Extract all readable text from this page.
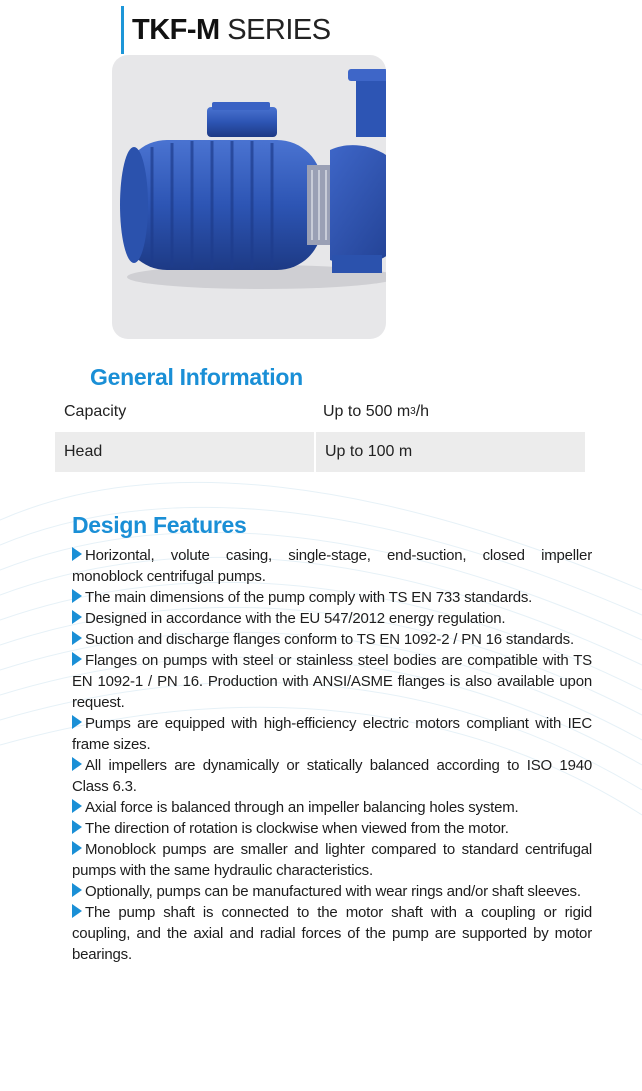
TKF-M SERIES
General Information
Capacity	Up to 500 m 3 /h
Head	Up to 100 m
Design Features
Horizontal, volute casing, single-stage, end-suction, closed impeller monoblock centrifugal pumps.
The main dimensions of the pump comply with TS EN 733 standards.
Designed in accordance with the EU 547/2012 energy regulation.
Suction and discharge flanges conform to TS EN 1092-2 / PN 16 standards.
Flanges on pumps with steel or stainless steel bodies are compatible with TS EN 1092-1 / PN 16. Production with ANSI/ASME flanges is also available upon request.
Pumps are equipped with high-efficiency electric motors compliant with IEC frame sizes.
All impellers are dynamically or statically balanced according to ISO 1940 Class 6.3.
Axial force is balanced through an impeller balancing holes system.
The direction of rotation is clockwise when viewed from the motor.
Monoblock pumps are smaller and lighter compared to standard centrifugal pumps with the same hydraulic characteristics.
Optionally, pumps can be manufactured with wear rings and/or shaft sleeves.
The pump shaft is connected to the motor shaft with a coupling or rigid coupling, and the axial and radial forces of the pump are supported by motor bearings.
